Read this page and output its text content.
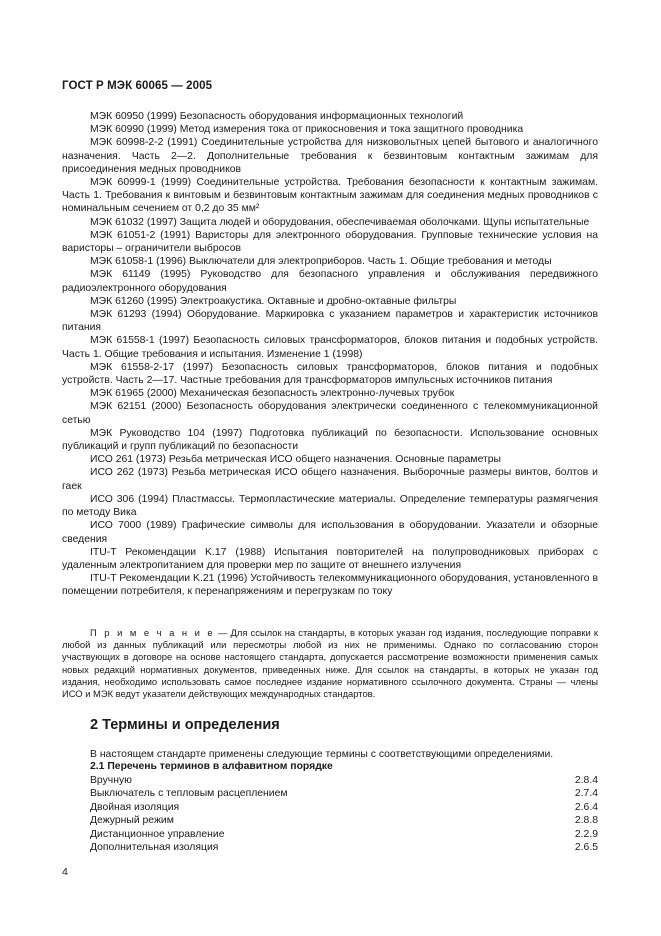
ГОСТ Р МЭК 60065 — 2005

МЭК 60950 (1999) Безопасность оборудования информационных технологий

МЭК 60990 (1999) Метод измерения тока от прикосновения и тока защитного проводника

МЭК 60998-2-2 (1991) Соединительные устройства для низковольтных цепей бытового и аналогичного назначения. Часть 2—2. Дополнительные требования к безвинтовым контактным зажимам для присоединения медных проводников

МЭК 60999-1 (1999) Соединительные устройства. Требования безопасности к контактным зажимам. Часть 1. Требования к винтовым и безвинтовым контактным зажимам для соединения медных проводников с номинальным сечением от 0,2 до 35 мм²

МЭК 61032 (1997) Защита людей и оборудования, обеспечиваемая оболочками. Щупы испытательные

МЭК 61051-2 (1991) Варисторы для электронного оборудования. Групповые технические условия на варисторы – ограничители выбросов

МЭК 61058-1 (1996) Выключатели для электроприборов. Часть 1. Общие требования и методы

МЭК 61149 (1995) Руководство для безопасного управления и обслуживания передвижного радиоэлектронного оборудования

МЭК 61260 (1995) Электроакустика. Октавные и дробно-октавные фильтры

МЭК 61293 (1994) Оборудование. Маркировка с указанием параметров и характеристик источников питания

МЭК 61558-1 (1997) Безопасность силовых трансформаторов, блоков питания и подобных устройств. Часть 1. Общие требования и испытания. Изменение 1 (1998)

МЭК 61558-2-17 (1997) Безопасность силовых трансформаторов, блоков питания и подобных устройств. Часть 2—17. Частные требования для трансформаторов импульсных источников питания

МЭК 61965 (2000) Механическая безопасность электронно-лучевых трубок

МЭК 62151 (2000) Безопасность оборудования электрически соединенного с телекоммуникационной сетью

МЭК Руководство 104 (1997) Подготовка публикаций по безопасности. Использование основных публикаций и групп публикаций по безопасности

ИСО 261 (1973) Резьба метрическая ИСО общего назначения. Основные параметры

ИСО 262 (1973) Резьба метрическая ИСО общего назначения. Выборочные размеры винтов, болтов и гаек

ИСО 306 (1994) Пластмассы. Термопластические материалы. Определение температуры размягчения по методу Вика

ИСО 7000 (1989) Графические символы для использования в оборудовании. Указатели и обзорные сведения

ITU-T Рекомендации K.17 (1988) Испытания повторителей на полупроводниковых приборах с удаленным электропитанием для проверки мер по защите от внешнего излучения

ITU-T Рекомендации K.21 (1996) Устойчивость телекоммуникационного оборудования, установленного в помещении потребителя, к перенапряжениям и перегрузкам по току

П р и м е ч а н и е — Для ссылок на стандарты, в которых указан год издания, последующие поправки к любой из данных публикаций или пересмотры любой из них не применимы. Однако по согласованию сторон участвующих в договоре на основе настоящего стандарта, допускается рассмотрение возможности применения самых новых редакций нормативных документов, приведенных ниже. Для ссылок на стандарты, в которых не указан год издания, необходимо использовать самое последнее издание нормативного ссылочного документа. Страны — члены ИСО и МЭК ведут указатели действующих международных стандартов.

2 Термины и определения
В настоящем стандарте применены следующие термины с соответствующими определениями.
2.1 Перечень терминов в алфавитном порядке
Вручную	2.8.4
Выключатель с тепловым расцеплением	2.7.4
Двойная изоляция	2.6.4
Дежурный режим	2.8.8
Дистанционное управление	2.2.9
Дополнительная изоляция	2.6.5
4
